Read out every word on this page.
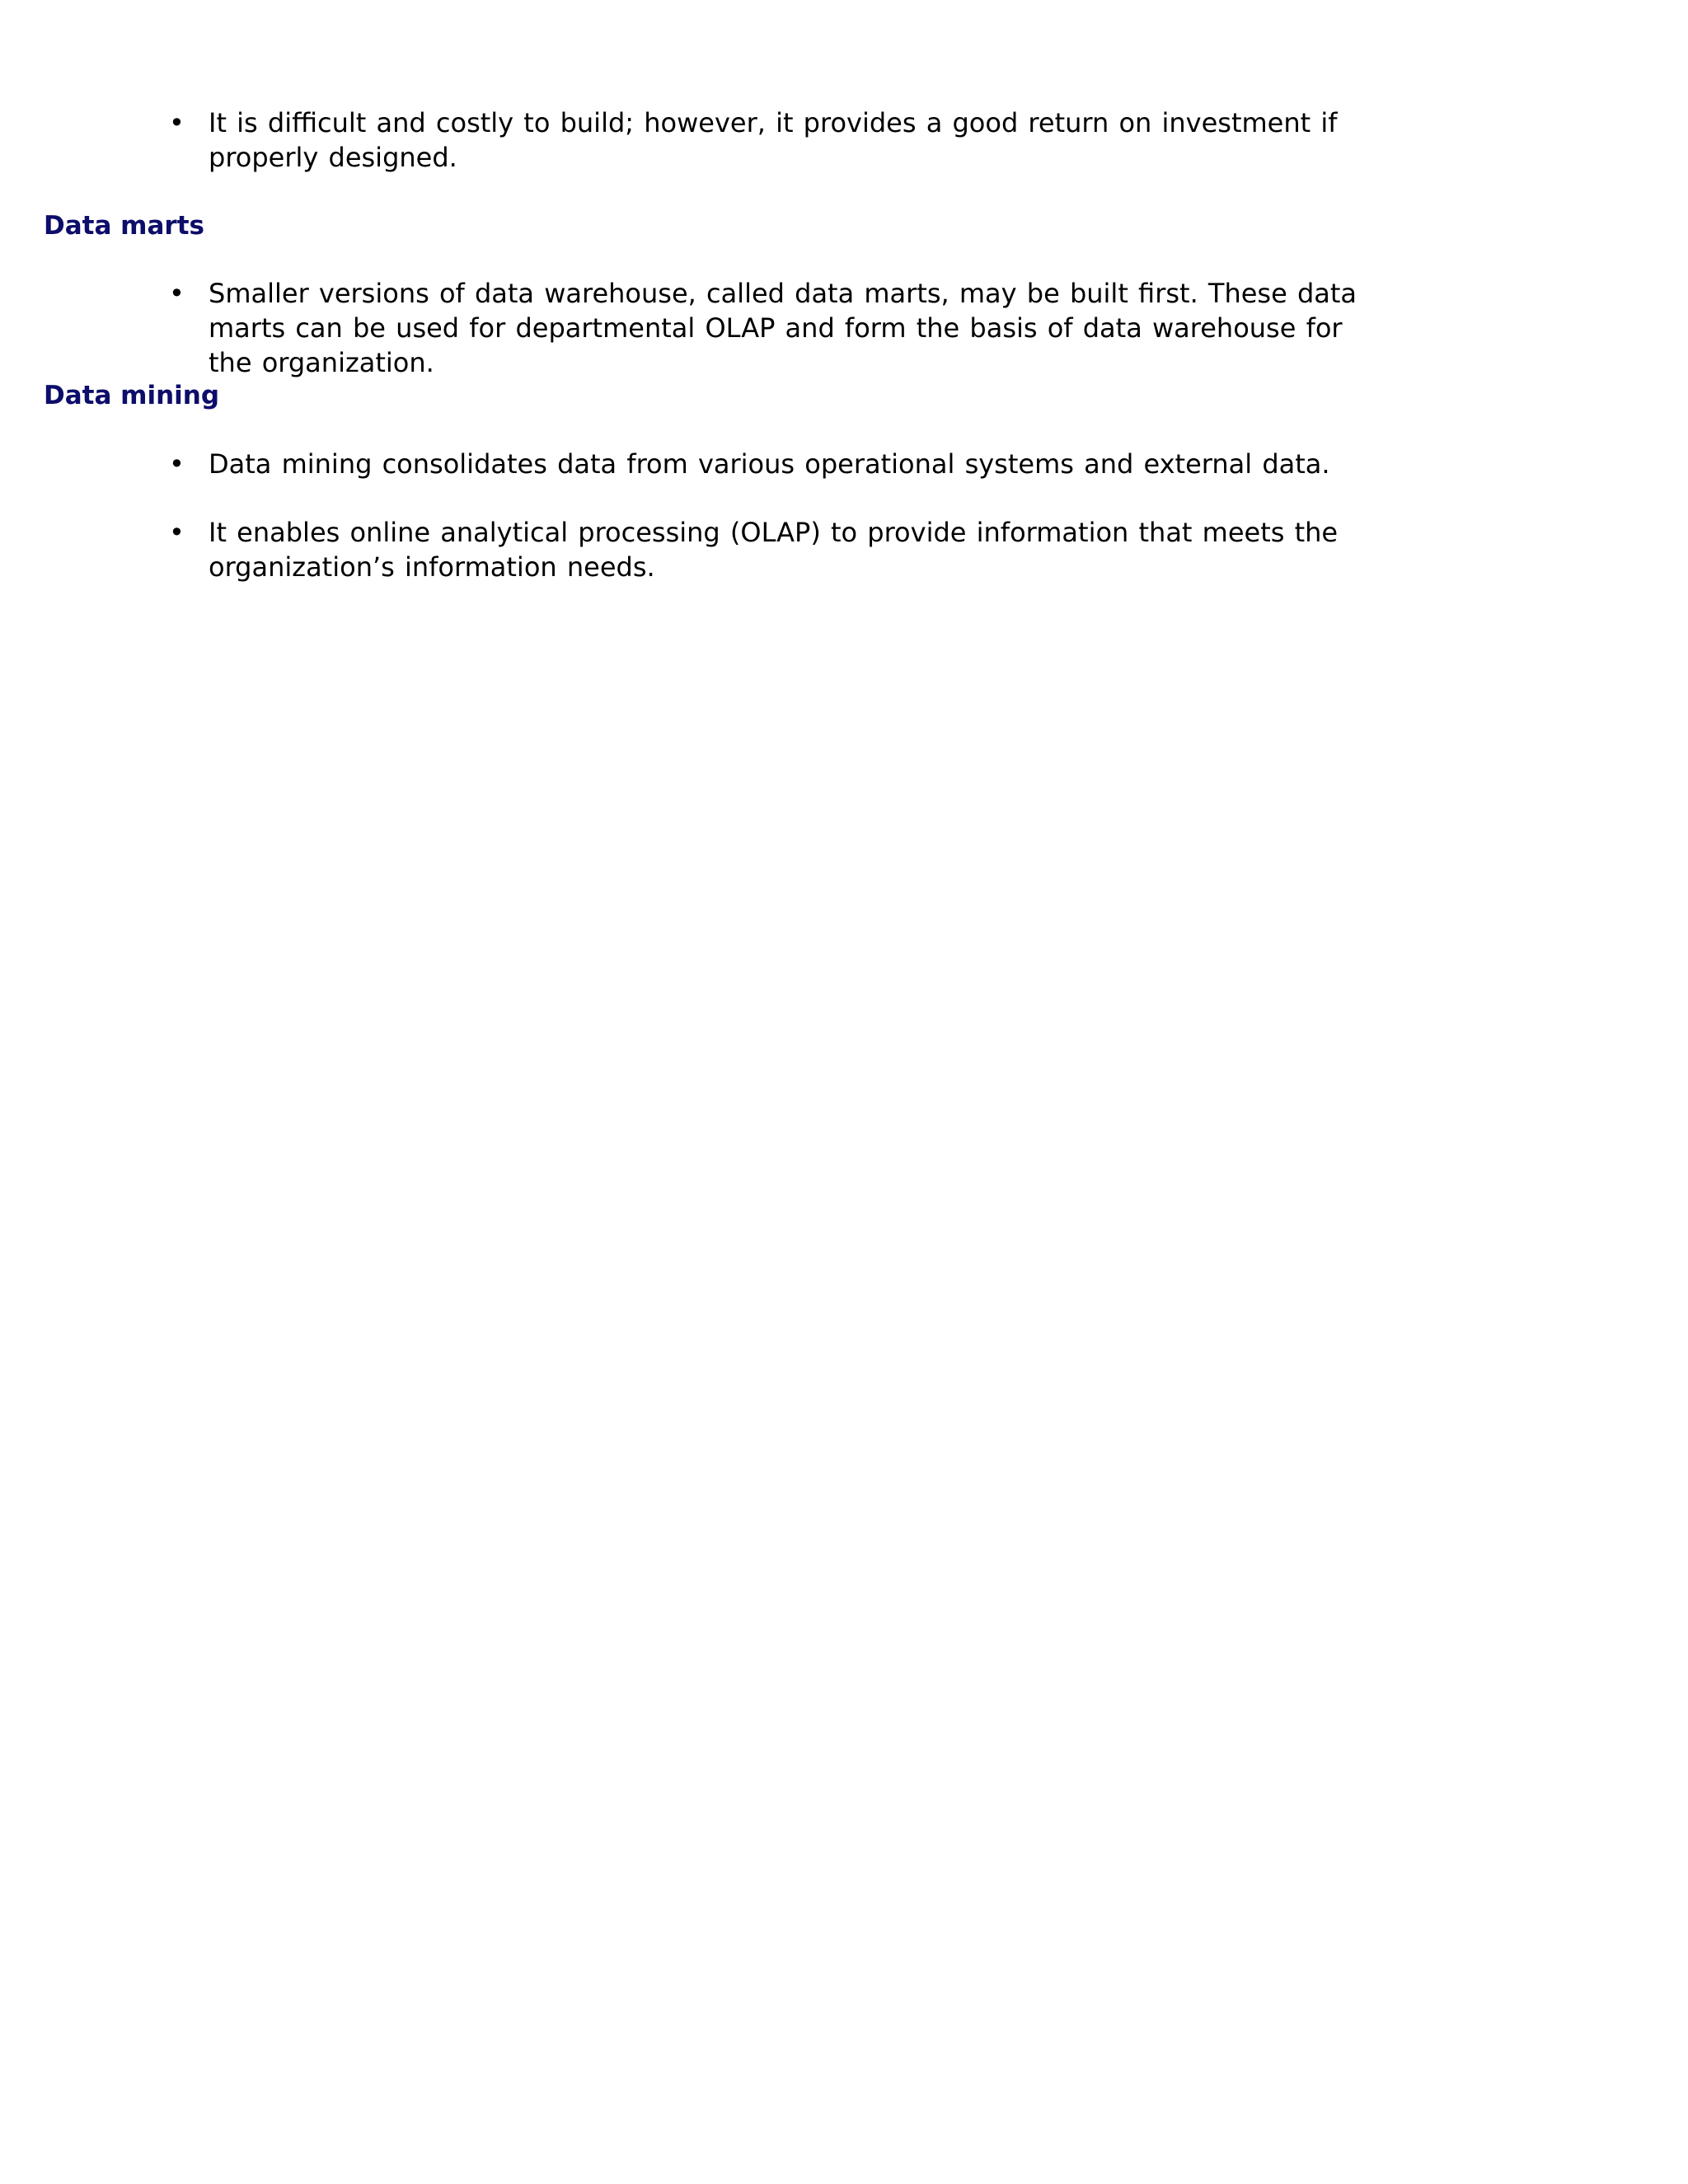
• It is difficult and costly to build; however, it provides a good return on investment if properly designed.
Data marts
• Smaller versions of data warehouse, called data marts, may be built first. These data marts can be used for departmental OLAP and form the basis of data warehouse for the organization.
Data mining
• Data mining consolidates data from various operational systems and external data.
• It enables online analytical processing (OLAP) to provide information that meets the organization’s information needs.
